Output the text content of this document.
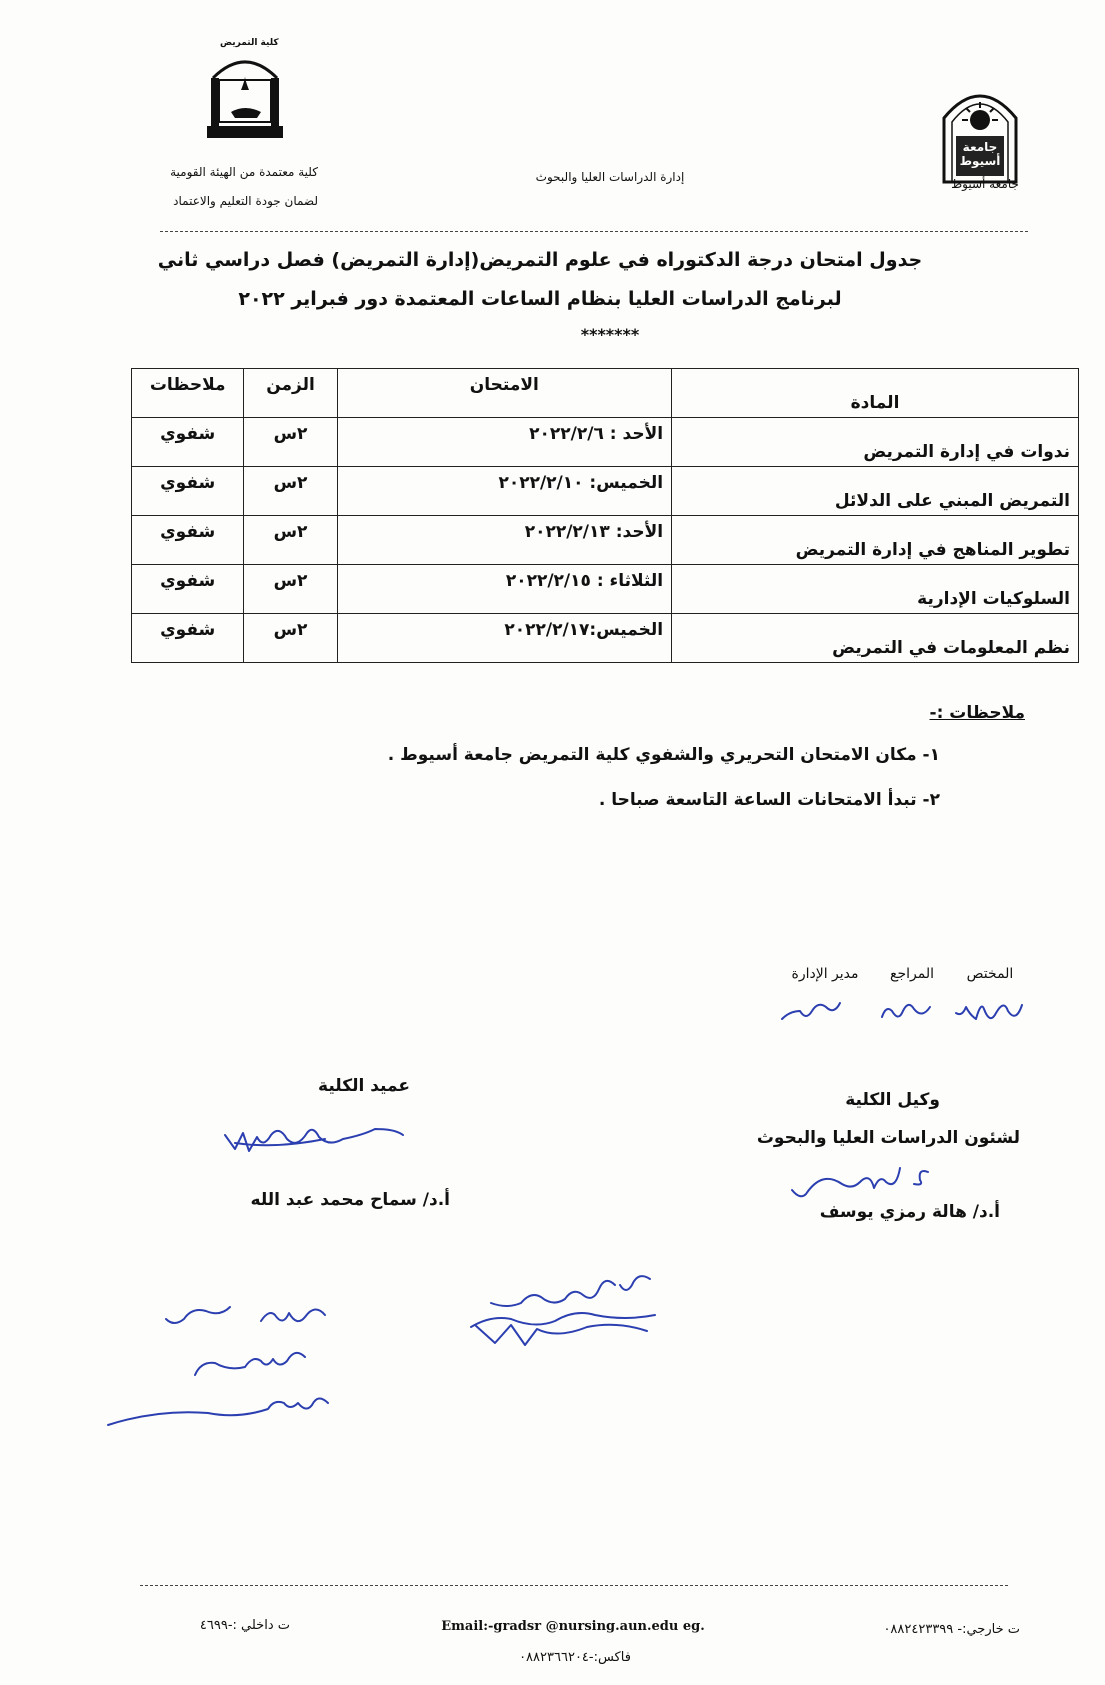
كلية التمريض
جامعة أسيوط
كلية معتمدة من الهيئة القومية
لضمان جودة التعليم والاعتماد
إدارة الدراسات العليا والبحوث	جامعة أسيوط
جدول امتحان درجة الدكتوراه في علوم التمريض(إدارة التمريض) فصل دراسي ثاني
لبرنامج الدراسات العليا بنظام الساعات المعتمدة دور فبراير ٢٠٢٢
*******
المادة	الامتحان	الزمن	ملاحظات
ندوات في إدارة التمريض	الأحد : ٢٠٢٢/٢/٦	٢س	شفوي
التمريض المبني على الدلائل	الخميس: ٢٠٢٢/٢/١٠	٢س	شفوي
تطوير المناهج في إدارة التمريض	الأحد: ٢٠٢٢/٢/١٣	٢س	شفوي
السلوكيات الإدارية	الثلاثاء : ٢٠٢٢/٢/١٥	٢س	شفوي
نظم المعلومات في التمريض	الخميس:٢٠٢٢/٢/١٧	٢س	شفوي
ملاحظات :-
١- مكان الامتحان التحريري والشفوي كلية التمريض جامعة أسيوط .
٢- تبدأ الامتحانات الساعة التاسعة صباحا .
المختص
المراجع
مدير الإدارة
وكيل الكلية
لشئون الدراسات العليا والبحوث
أ.د/ هالة رمزي يوسف
عميد الكلية
أ.د/ سماح محمد عبد الله
ت خارجي:- ٠٨٨٢٤٢٣٣٩٩
Email:-gradsr @nursing.aun.edu eg.
ت داخلي :-٤٦٩٩
فاكس:-٠٨٨٢٣٦٦٢٠٤
